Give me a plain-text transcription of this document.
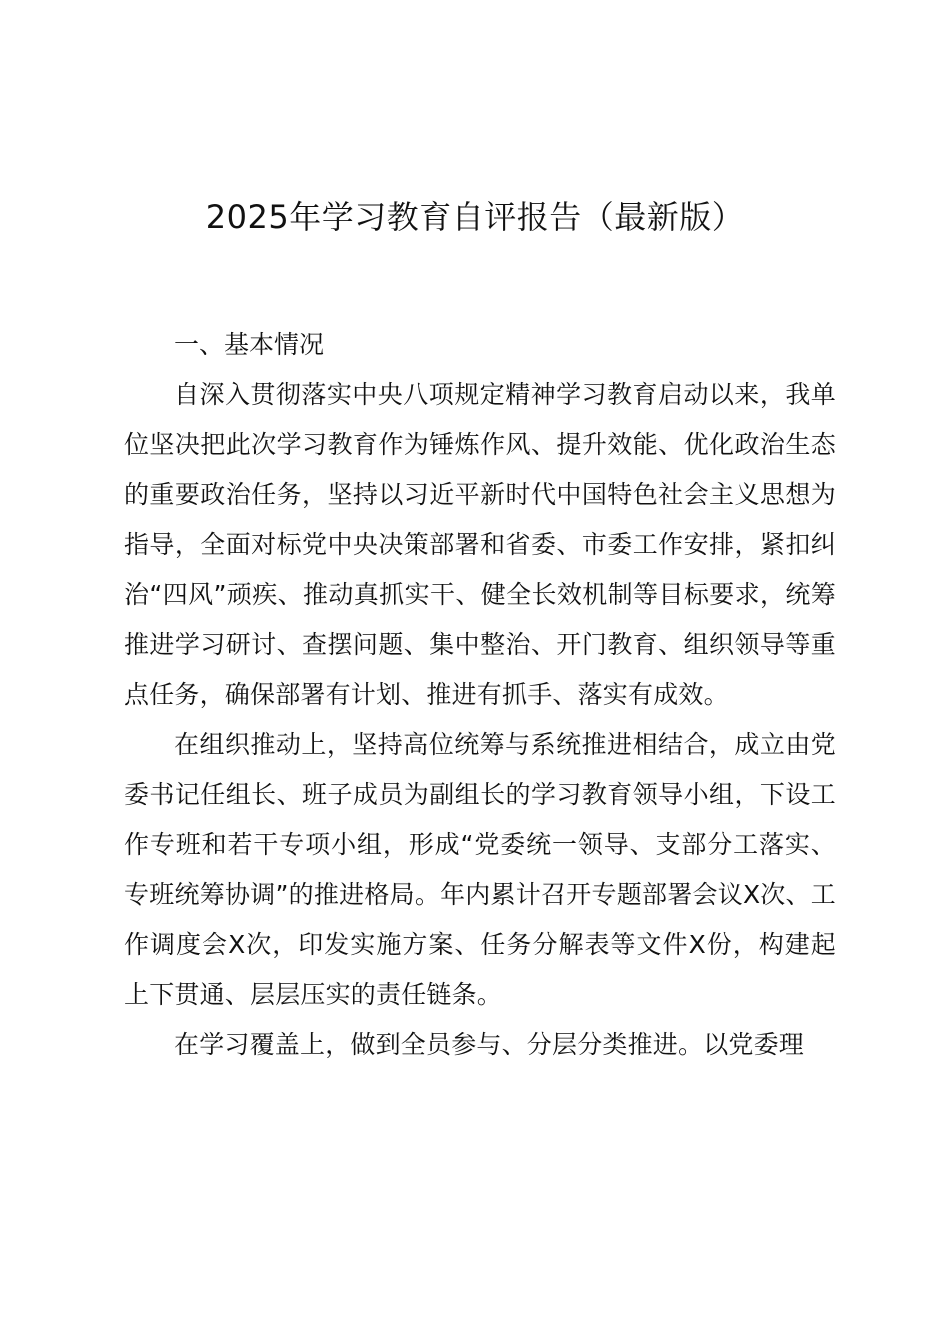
2025年学习教育自评报告（最新版）

一、基本情况

自深入贯彻落实中央八项规定精神学习教育启动以来，我单位坚决把此次学习教育作为锤炼作风、提升效能、优化政治生态的重要政治任务，坚持以习近平新时代中国特色社会主义思想为指导，全面对标党中央决策部署和省委、市委工作安排，紧扣纠治“四风”顽疾、推动真抓实干、健全长效机制等目标要求，统筹推进学习研讨、查摆问题、集中整治、开门教育、组织领导等重点任务，确保部署有计划、推进有抓手、落实有成效。

在组织推动上，坚持高位统筹与系统推进相结合，成立由党委书记任组长、班子成员为副组长的学习教育领导小组，下设工作专班和若干专项小组，形成“党委统一领导、支部分工落实、专班统筹协调”的推进格局。年内累计召开专题部署会议X次、工作调度会X次，印发实施方案、任务分解表等文件X份，构建起上下贯通、层层压实的责任链条。

在学习覆盖上，做到全员参与、分层分类推进。以党委理
